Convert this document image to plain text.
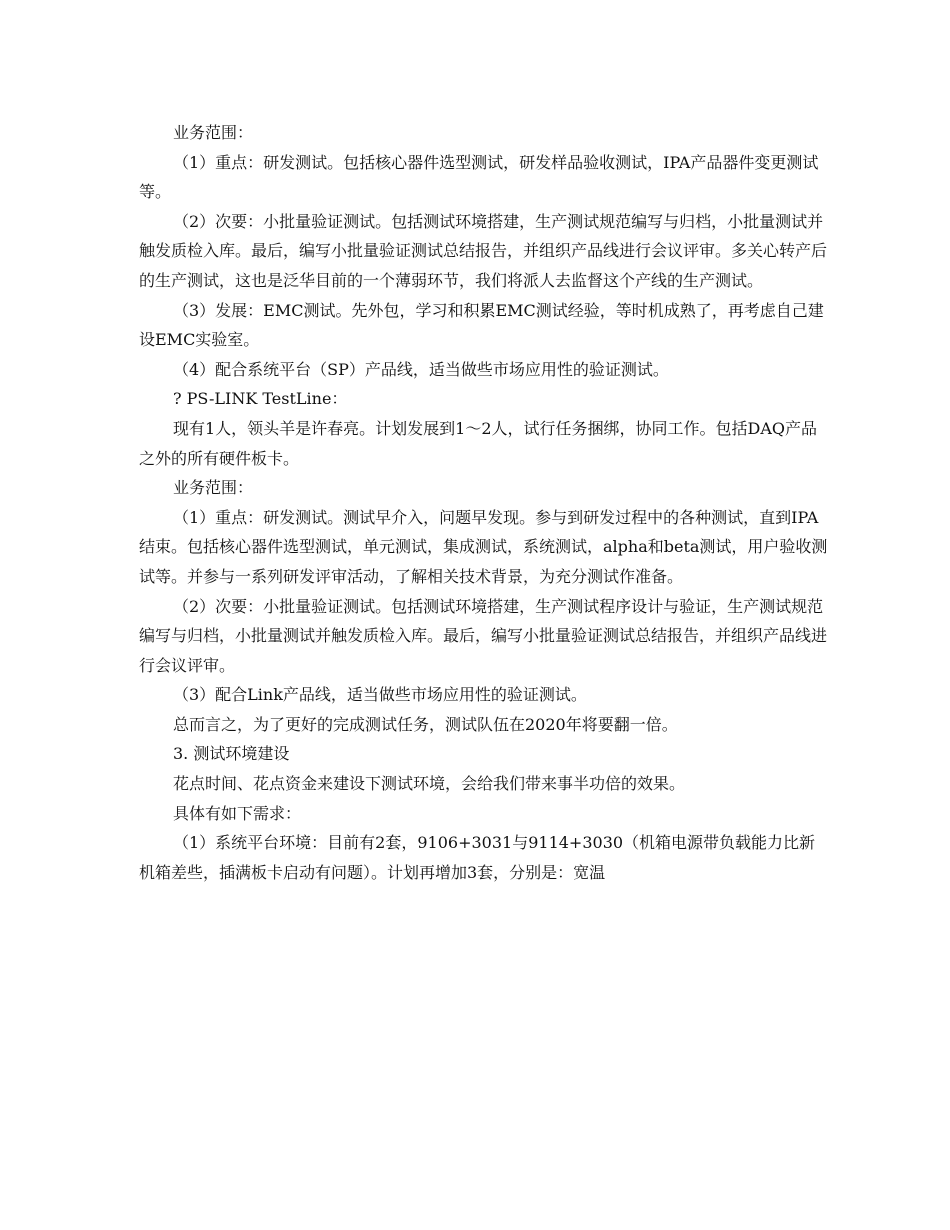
业务范围：

（1）重点：研发测试。包括核心器件选型测试，研发样品验收测试，IPA产品器件变更测试等。

（2）次要：小批量验证测试。包括测试环境搭建，生产测试规范编写与归档，小批量测试并触发质检入库。最后，编写小批量验证测试总结报告，并组织产品线进行会议评审。多关心转产后的生产测试，这也是泛华目前的一个薄弱环节，我们将派人去监督这个产线的生产测试。

（3）发展：EMC测试。先外包，学习和积累EMC测试经验，等时机成熟了，再考虑自己建设EMC实验室。

（4）配合系统平台（SP）产品线，适当做些市场应用性的验证测试。

? PS-LINK TestLine：

现有1人，领头羊是许春亮。计划发展到1～2人，试行任务捆绑，协同工作。包括DAQ产品之外的所有硬件板卡。

业务范围：

（1）重点：研发测试。测试早介入，问题早发现。参与到研发过程中的各种测试，直到IPA结束。包括核心器件选型测试，单元测试，集成测试，系统测试，alpha和beta测试，用户验收测试等。并参与一系列研发评审活动，了解相关技术背景，为充分测试作准备。

（2）次要：小批量验证测试。包括测试环境搭建，生产测试程序设计与验证，生产测试规范编写与归档，小批量测试并触发质检入库。最后，编写小批量验证测试总结报告，并组织产品线进行会议评审。

（3）配合Link产品线，适当做些市场应用性的验证测试。

总而言之，为了更好的完成测试任务，测试队伍在2020年将要翻一倍。

3. 测试环境建设

花点时间、花点资金来建设下测试环境，会给我们带来事半功倍的效果。

具体有如下需求：

（1）系统平台环境：目前有2套，9106+3031与9114+3030（机箱电源带负载能力比新机箱差些，插满板卡启动有问题）。计划再增加3套，分别是：宽温
